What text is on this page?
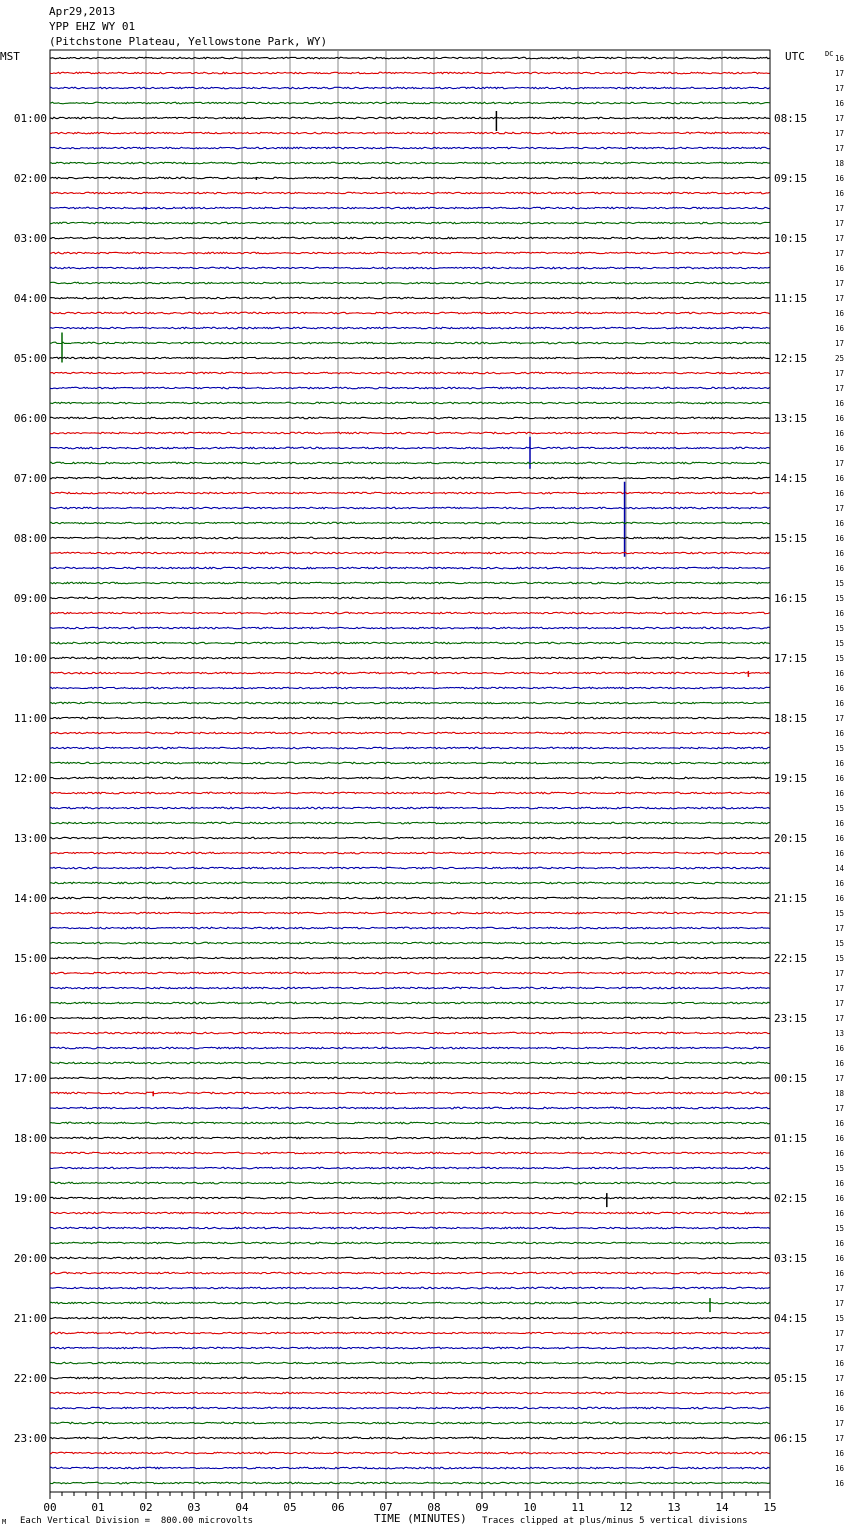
Apr29,2013
YPP EHZ WY 01
(Pitchstone Plateau, Yellowstone Park, WY)
MST	UTC	DC 16
17
17
16
17
17
17
18
16
16
17
17
17
17
16
17
17
16
16
17
25
17
17
16
16
16
16
17
16
16
17
16
16
16
16
15
15
16
15
15
15
16
16
16
17
16
15
16
16
16
15
16
16
16
14
16
16
15
17
15
15
17
17
17
17
13
16
16
17
18
17
16
16
16
15
16
16
16
15
16
16
16
17
17
15
17
17
16
17
16
16
17
17
16
16
16
01:00	08:15
02:00	09:15
03:00	10:15
04:00	11:15
05:00	12:15
06:00	13:15
07:00	14:15
08:00	15:15
09:00	16:15
10:00	17:15
11:00	18:15
12:00	19:15
13:00	20:15
14:00	21:15
15:00	22:15
16:00	23:15
17:00	00:15
18:00	01:15
19:00	02:15
20:00	03:15
21:00	04:15
22:00	05:15
23:00	06:15
00	01	02	03	04	05	06	07	08	09	10	11	12	13	14	15
TIME (MINUTES)
Each Vertical Division =  800.00 microvolts	Traces clipped at plus/minus 5 vertical divisions
M
